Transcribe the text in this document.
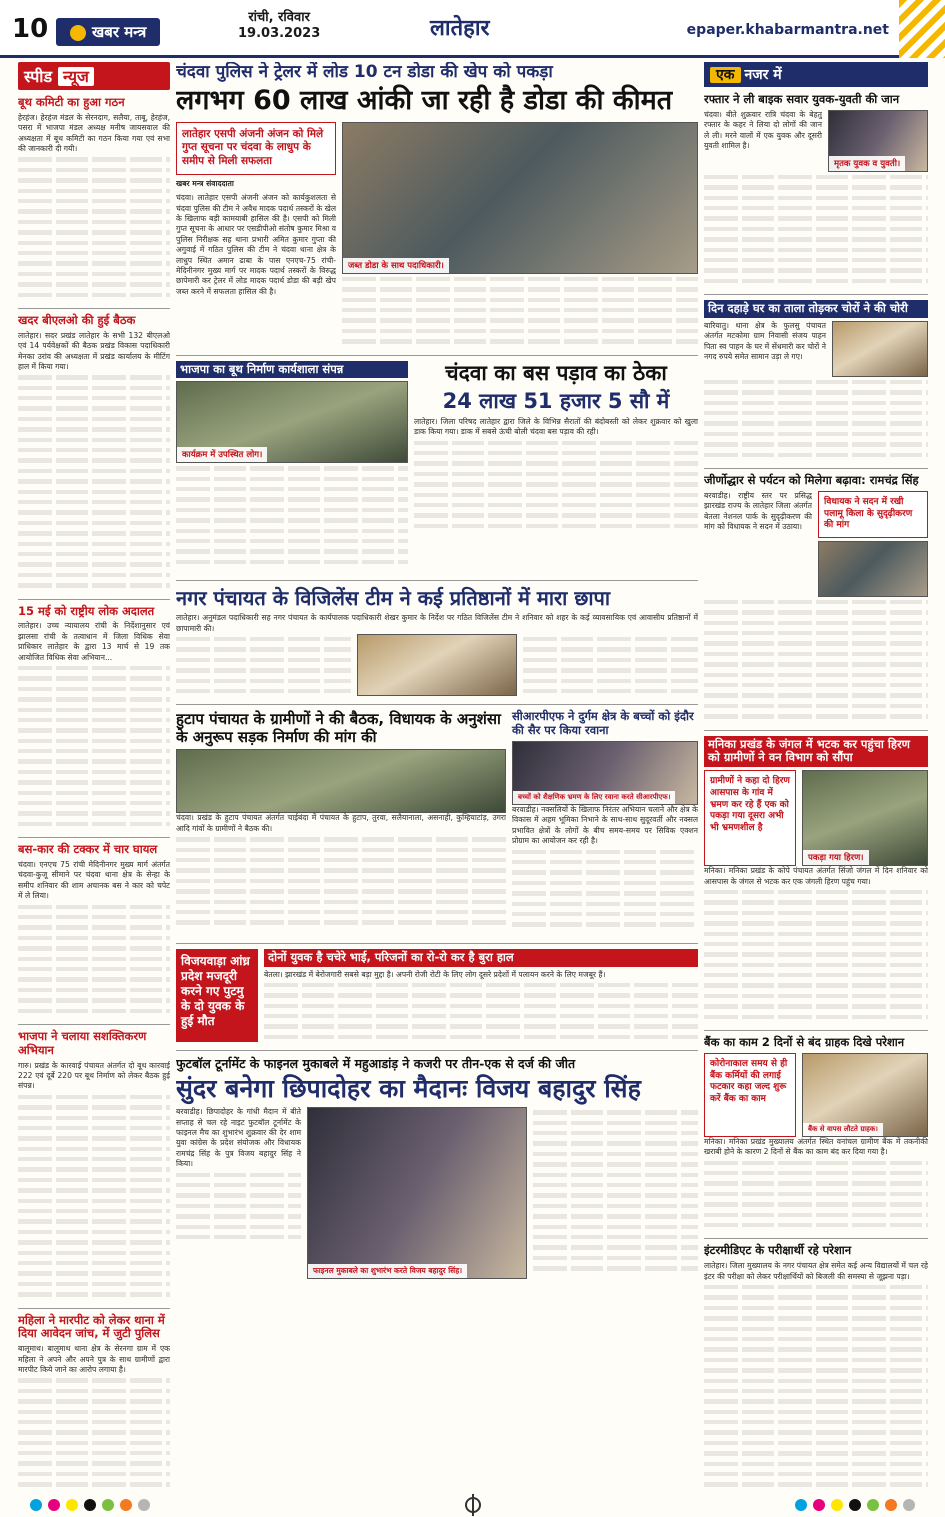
10	खबर मन्त्र
रांची, रविवार
19.03.2023	लातेहार	epaper.khabarmantra.net
स्पीड न्यूज
बूथ कमिटी का हुआ गठन

हेरहंज। हेरहंज मंडल के सेरनदाग, सलैया, ताबू, हेरहंज, पसरा में भाजपा मंडल अध्यक्ष मनीष जायसवाल की अध्यक्षता में बूथ कमिटी का गठन किया गया एवं सभा की जानकारी दी गयी।

खदर बीएलओ की हुई बैठक

लातेहार। सदर प्रखंड लातेहार के सभी 132 बीएलओ एवं 14 पर्यवेक्षकों की बैठक प्रखंड विकास पदाधिकारी मेनका उरांव की अध्यक्षता में प्रखंड कार्यालय के मीटिंग हाल में किया गया।

15 मई को राष्ट्रीय लोक अदालत

लातेहार। उच्च न्यायालय रांची के निर्देशानुसार एवं झालसा रांची के तत्वाधान में जिला विधिक सेवा प्राधिकार लातेहार के द्वारा 13 मार्च से 19 तक आयोजित विधिक सेवा अभियान...

बस-कार की टक्कर में चार घायल

चंदवा। एनएच 75 रांची मेदिनीनगर मुख्य मार्ग अंतर्गत चंदवा-कुजू सीमाने पर चंदवा थाना क्षेत्र के सेन्हा के समीप शनिवार की शाम अचानक बस ने कार को चपेट में ले लिया।

भाजपा ने चलाया सशक्तिकरण अभियान

गारु। प्रखंड के कारवाई पंचायत अंतर्गत दो बूथ कारवाई 222 एवं दूर्बे 220 पर बूथ निर्माण को लेकर बैठक हुई संपन्न।

महिला ने मारपीट को लेकर थाना में दिया आवेदन जांच, में जुटी पुलिस

बालूमाथ। बालूमाथ थाना क्षेत्र के सेरनगा ग्राम में एक महिला ने अपने और अपने पुत्र के साथ ग्रामीणों द्वारा मारपीट किये जाने का आरोप लगाया है।

चंदवा पुलिस ने ट्रेलर में लोड 10 टन डोडा की खेप को पकड़ा
लगभग 60 लाख आंकी जा रही है डोडा की कीमत
लातेहार एसपी अंजनी अंजन को मिले गुप्त सूचना पर चंदवा के लाधुप के समीप से मिली सफलता
खबर मन्त्र संवाददाता

चंदवा। लातेहार एसपी अंजनी अंजन को कार्यकुशलता से चंदवा पुलिस की टीम ने अवैध मादक पदार्थ तस्करों के खेल के खिलाफ बड़ी कामयाबी हासिल की है। एसपी को मिली गुप्त सूचना के आधार पर एसडीपीओ संतोष कुमार मिश्रा व पुलिस निरीक्षक सह थाना प्रभारी अमित कुमार गुप्ता की अगुवाई में गठित पुलिस की टीम ने चंदवा थाना क्षेत्र के लाधुप स्थित अमान ढाबा के पास एनएच-75 रांची-मेदिनीनगर मुख्य मार्ग पर मादक पदार्थ तस्करों के विरुद्ध छापेमारी कर ट्रेलर में लोड मादक पदार्थ डोडा की बड़ी खेप जब्त करने में सफलता हासिल की है।

जब्त डोडा के साथ पदाधिकारी।
भाजपा का बूथ निर्माण कार्यशाला संपन्न
कार्यक्रम में उपस्थित लोग।
चंदवा का बस पड़ाव का ठेका
24 लाख 51 हजार 5 सौ में

लातेहार। जिला परिषद लातेहार द्वारा जिले के विभिन्न सैरातों की बंदोबस्ती को लेकर शुक्रवार को खुला डाक किया गया। डाक में सबसे ऊंची बोली चंदवा बस पड़ाव की रही।

नगर पंचायत के विजिलेंस टीम ने कई प्रतिष्ठानों में मारा छापा

लातेहार। अनुमंडल पदाधिकारी सह नगर पंचायत के कार्यपालक पदाधिकारी शेखर कुमार के निर्देश पर गठित विजिलेंस टीम ने शनिवार को शहर के कई व्यावसायिक एवं आवासीय प्रतिष्ठानों में छापामारी की।

हुटाप पंचायत के ग्रामीणों ने की बैठक, विधायक के अनुशंसा के अनुरूप सड़क निर्माण की मांग की

चंदवा। प्रखंड के हुटाप पंचायत अंतर्गत चाईबंदा में पंचायत के हुटाप, तुरवा, सलैयानाला, असनाही, कुम्हियाटांड़, उगरा आदि गांवों के ग्रामीणों ने बैठक की।

सीआरपीएफ ने दुर्गम क्षेत्र के बच्चों को इंदौर की सैर पर किया रवाना
बच्चों को शैक्षणिक भ्रमण के लिए रवाना करते सीआरपीएफ।

बरवाडीह। नक्सलियों के खिलाफ निरंतर अभियान चलाने और क्षेत्र के विकास में अहम भूमिका निभाने के साथ-साथ सुदूरवर्ती और नक्सल प्रभावित क्षेत्रों के लोगों के बीच समय-समय पर सिविक एक्शन प्रोग्राम का आयोजन कर रही है।

विजयवाड़ा आंध्र प्रदेश मजदूरी करने गए पुटमु के दो युवक के हुई मौत
दोनों युवक है चचेरे भाई, परिजनों का रो-रो कर है बुरा हाल

बेतला। झारखंड में बेरोजगारी सबसे बड़ा मुद्दा है। अपनी रोजी रोटी के लिए लोग दूसरे प्रदेशों में पलायन करने के लिए मजबूर हैं।

फुटबॉल टूर्नामेंट के फाइनल मुकाबले में महुआडांड़ ने कजरी पर तीन-एक से दर्ज की जीत
सुंदर बनेगा छिपादोहर का मैदानः विजय बहादुर सिंह

बरवाडीह। छिपादोहर के गांधी मैदान में बीते सप्ताह से चल रहे नाइट फुटबॉल टूर्नामेंट के फाइनल मैच का शुभारंभ शुक्रवार की देर शाम युवा कांग्रेस के प्रदेश संयोजक और विधायक रामचंद्र सिंह के पुत्र विजय बहादुर सिंह ने किया।

फाइनल मुकाबले का शुभारंभ करते विजय बहादुर सिंह।
एक नजर में
रफ्तार ने ली बाइक सवार युवक-युवती की जान

चंदवा। बीते शुक्रवार रात्रि चंदवा के बेहतु रफ्तार के कहर ने लिया दो लोगों की जान ले ली। मरने वालों में एक युवक और दूसरी युवती शामिल है।

मृतक युवक व युवती।
दिन दहाड़े घर का ताला तोड़कर चोरों ने की चोरी

बारियातु। थाना क्षेत्र के फुलसु पंचायत अंतर्गत मटकोमा ग्राम निवासी संजय पाहन पिता स्व पाहन के घर में सेंधमारी कर चोरों ने नगद रुपये समेत सामान उड़ा ले गए।

जीर्णोद्धार से पर्यटन को मिलेगा बढ़ावा: रामचंद्र सिंह

बरवाडीह। राष्ट्रीय स्तर पर प्रसिद्ध झारखंड राज्य के लातेहार जिला अंतर्गत बेतला नेशनल पार्क के सुदृढ़ीकरण की मांग को विधायक ने सदन में उठाया।

विधायक ने सदन में रखी पलामू किला के सुदृढ़ीकरण की मांग
मनिका प्रखंड के जंगल में भटक कर पहुंचा हिरण को ग्रामीणों ने वन विभाग को सौंपा
ग्रामीणों ने कहा दो हिरण आसपास के गांव में भ्रमण कर रहे हैं एक को पकड़ा गया दूसरा अभी भी भ्रमणशील है
पकड़ा गया हिरण।

मनिका। मनिका प्रखंड के कोपे पंचायत अंतर्गत सिंजो जंगल में दिन शनिवार को आसपास के जंगल से भटक कर एक जंगली हिरण पहुंच गया।

बैंक का काम 2 दिनों से बंद ग्राहक दिखे परेशान
कोरोनाकाल समय से ही बैंक कर्मियों की लगाई फटकार कहा जल्द शुरू करें बैंक का काम
बैंक से वापस लौटते ग्राहक।

मनिका। मनिका प्रखंड मुख्यालय अंतर्गत स्थित वनांचल ग्रामीण बैंक में तकनीकी खराबी होने के कारण 2 दिनों से बैंक का काम बंद कर दिया गया है।

इंटरमीडिएट के परीक्षार्थी रहे परेशान

लातेहार। जिला मुख्यालय के नगर पंचायत क्षेत्र समेत कई अन्य विद्यालयों में चल रहे इंटर की परीक्षा को लेकर परीक्षार्थियों को बिजली की समस्या से जूझना पड़ा।
